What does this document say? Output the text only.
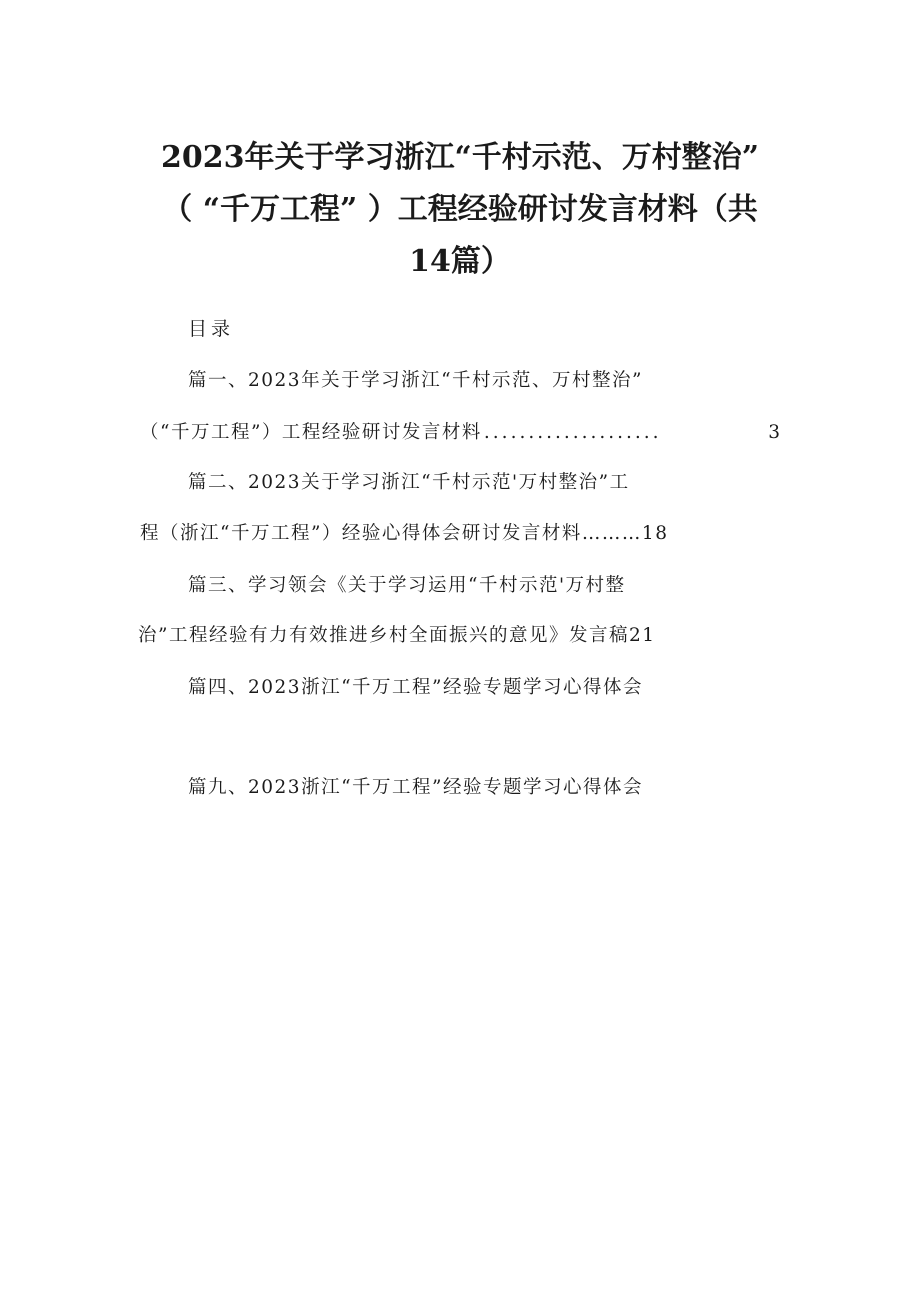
2023年关于学习浙江“千村示范、万村整治”
（ “千万工程” ）工程经验研讨发言材料（共
14篇）
目录
篇一、2023年关于学习浙江“千村示范、万村整治”
（“千万工程”）工程经验研讨发言材料 ....................	3
篇二、2023关于学习浙江“千村示范'万村整治”工
程（浙江“千万工程”）经验心得体会研讨发言材料………18
篇三、学习领会《关于学习运用“千村示范'万村整
治”工程经验有力有效推进乡村全面振兴的意见》发言稿21
篇四、2023浙江“千万工程”经验专题学习心得体会
篇九、2023浙江“千万工程”经验专题学习心得体会
